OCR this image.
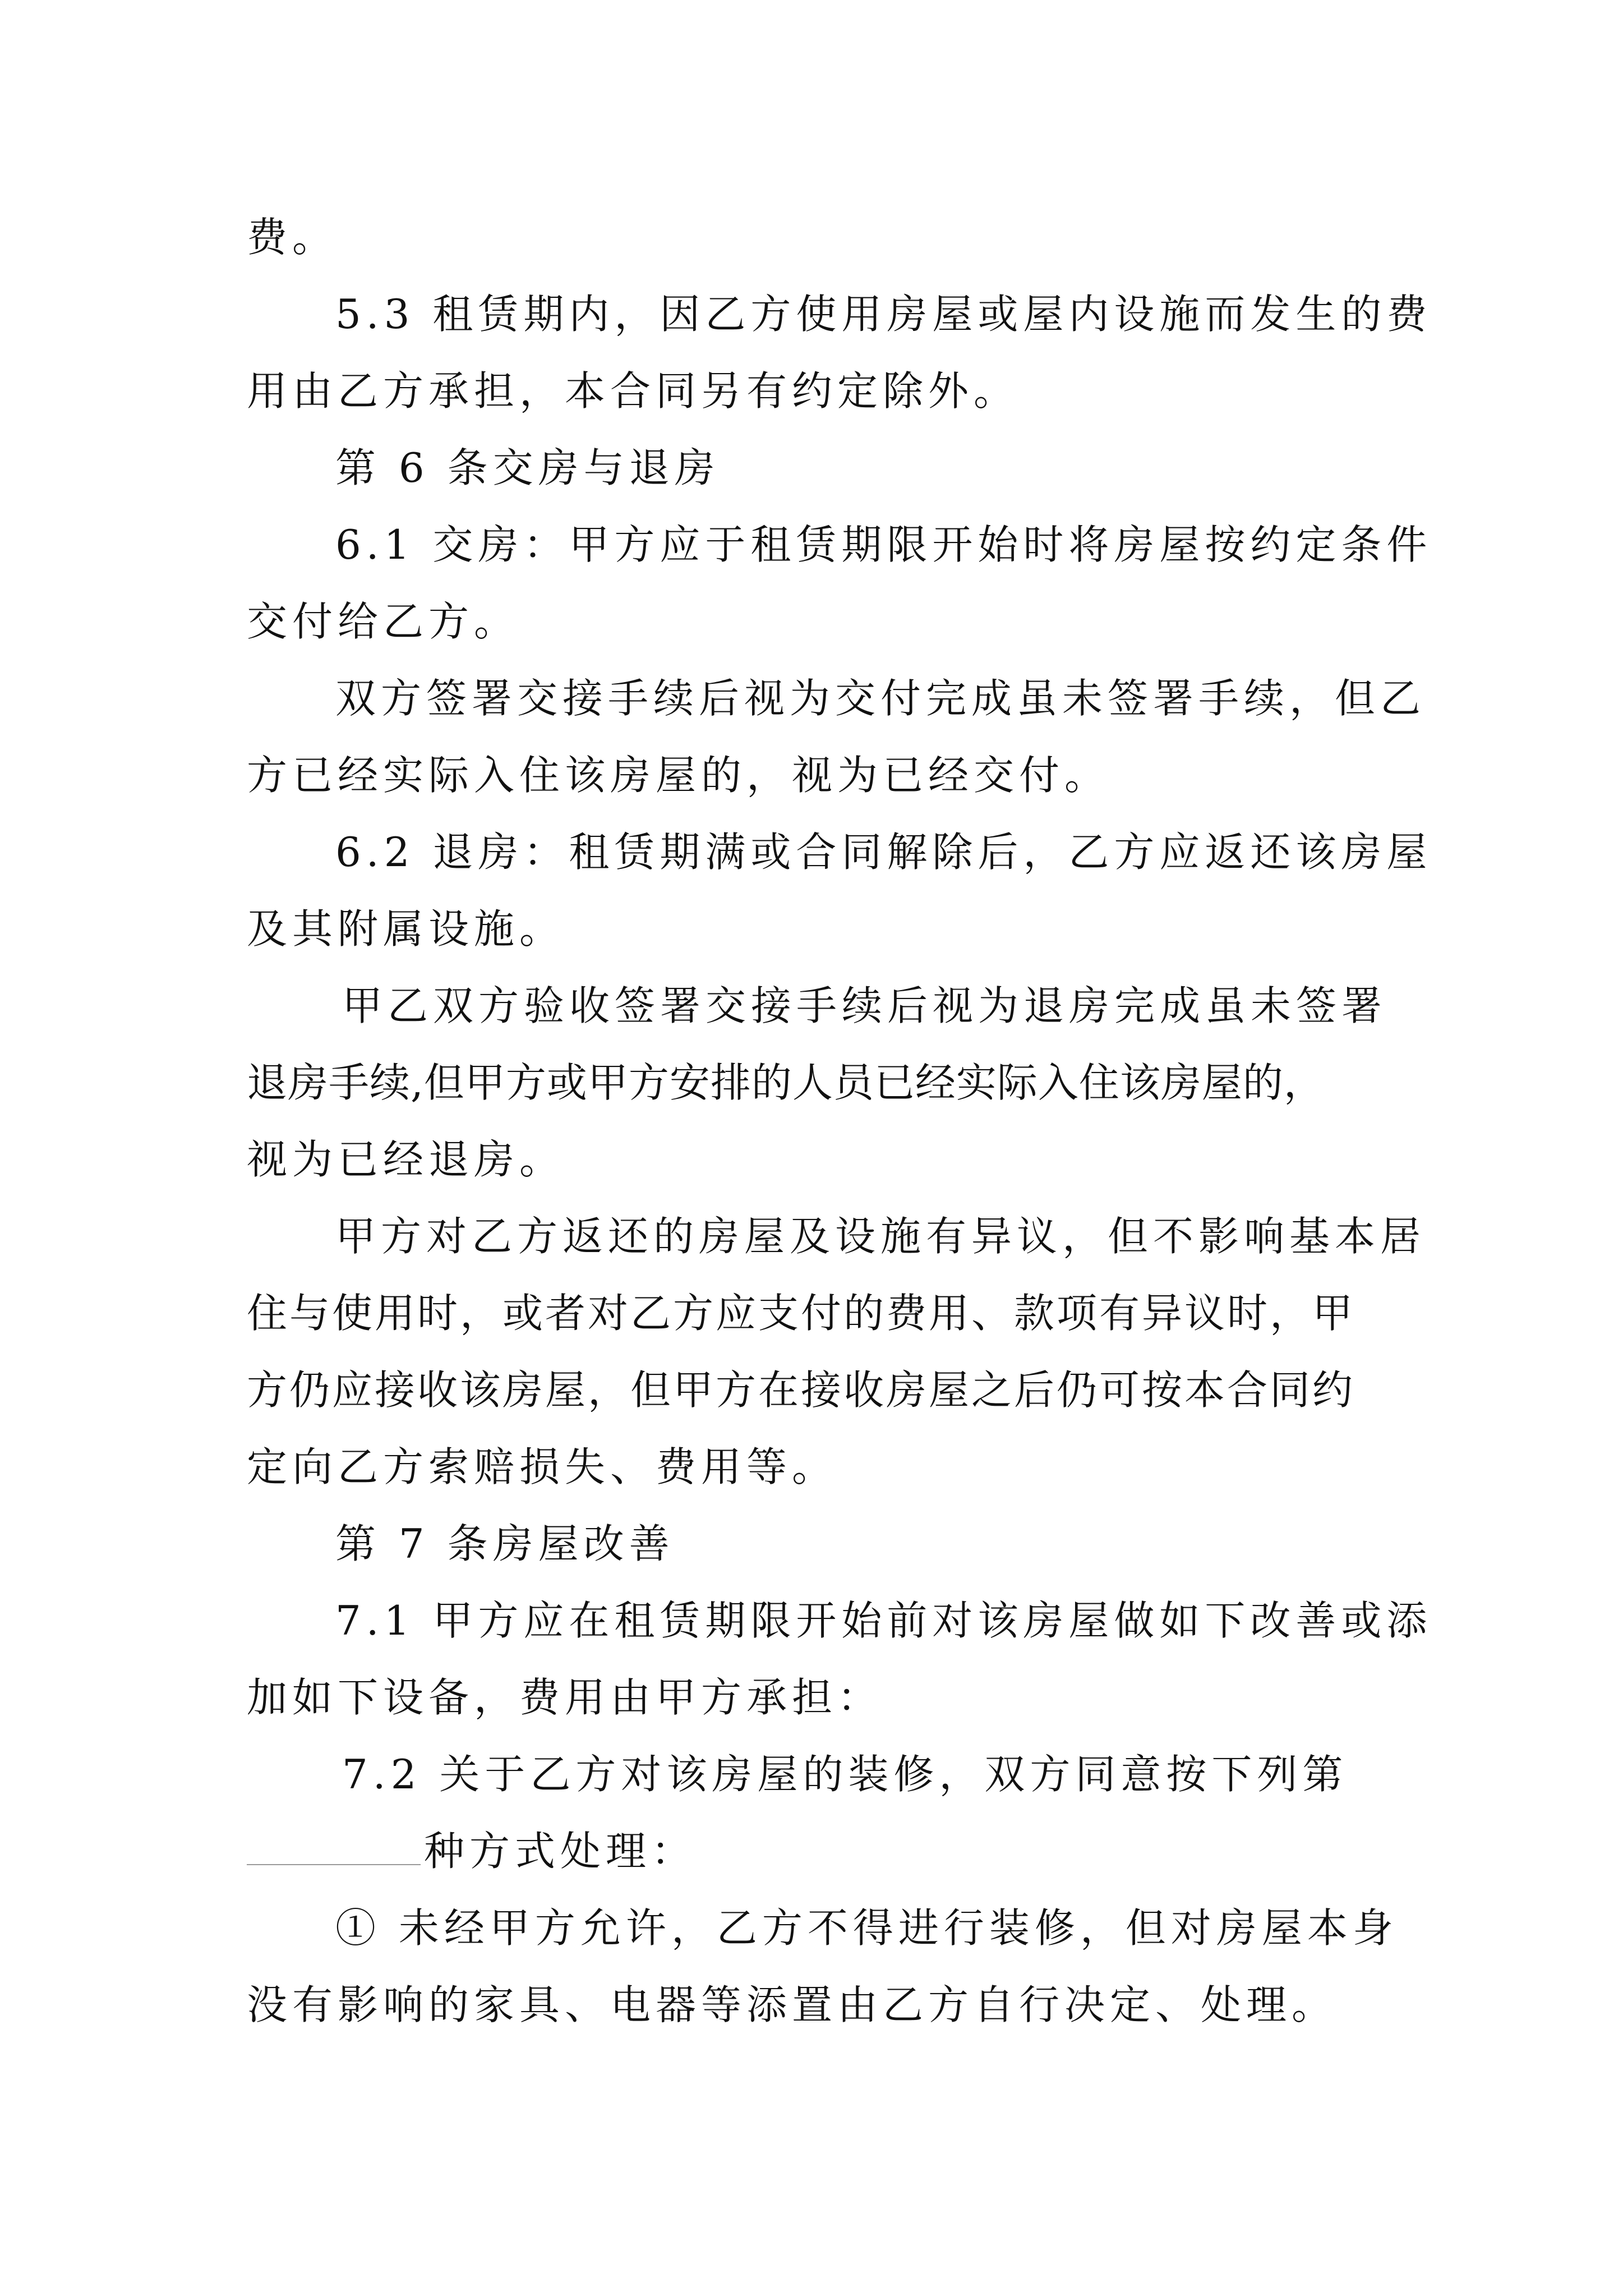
费。
5.3 租赁期内，因乙方使用房屋或屋内设施而发生的费
用由乙方承担，本合同另有约定除外。
第 6 条交房与退房
6.1 交房：甲方应于租赁期限开始时将房屋按约定条件
交付给乙方。
双方签署交接手续后视为交付完成虽未签署手续，但乙
方已经实际入住该房屋的，视为已经交付。
6.2 退房：租赁期满或合同解除后，乙方应返还该房屋
及其附属设施。
甲乙双方验收签署交接手续后视为退房完成虽未签署
退房手续,但甲方或甲方安排的人员已经实际入住该房屋的，
视为已经退房。
甲方对乙方返还的房屋及设施有异议，但不影响基本居
住与使用时，或者对乙方应支付的费用、款项有异议时，甲
方仍应接收该房屋，但甲方在接收房屋之后仍可按本合同约
定向乙方索赔损失、费用等。
第 7 条房屋改善
7.1 甲方应在租赁期限开始前对该房屋做如下改善或添
加如下设备，费用由甲方承担：
7.2 关于乙方对该房屋的装修，双方同意按下列第
种方式处理：
① 未经甲方允许，乙方不得进行装修，但对房屋本身
没有影响的家具、电器等添置由乙方自行决定、处理。
